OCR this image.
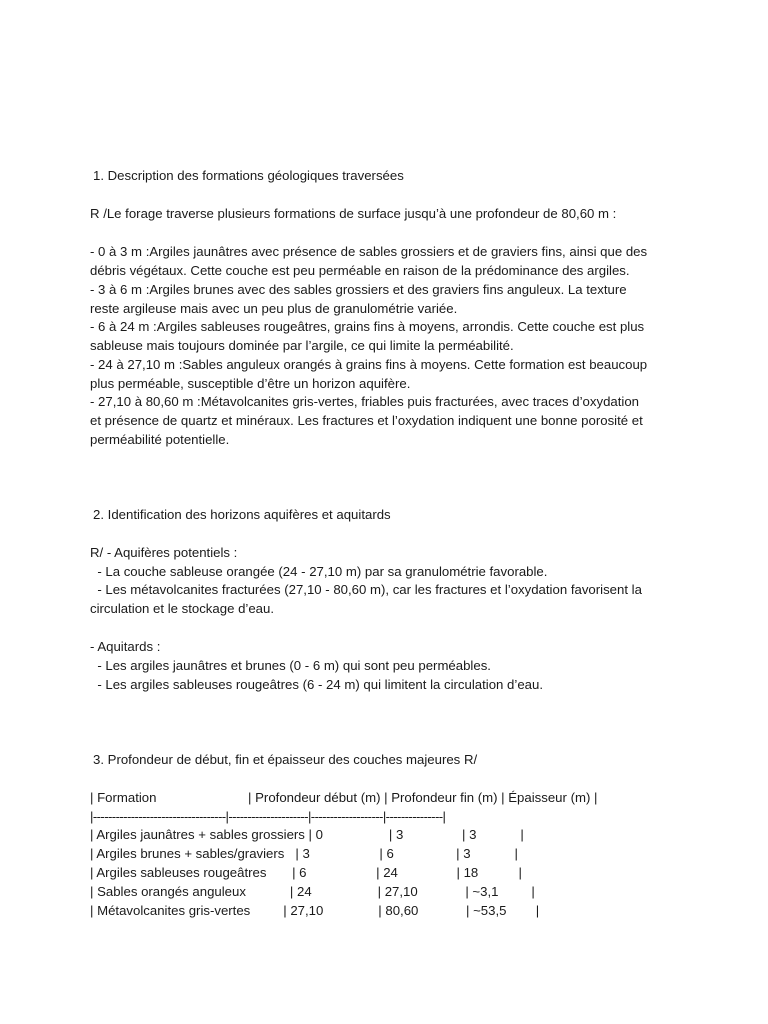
1. Description des formations géologiques traversées
R /Le forage traverse plusieurs formations de surface jusqu’à une profondeur de 80,60 m :
- 0 à 3 m :Argiles jaunâtres avec présence de sables grossiers et de graviers fins, ainsi que des
débris végétaux. Cette couche est peu perméable en raison de la prédominance des argiles.
- 3 à 6 m :Argiles brunes avec des sables grossiers et des graviers fins anguleux. La texture
reste argileuse mais avec un peu plus de granulométrie variée.
- 6 à 24 m :Argiles sableuses rougeâtres, grains fins à moyens, arrondis. Cette couche est plus
sableuse mais toujours dominée par l’argile, ce qui limite la perméabilité.
- 24 à 27,10 m :Sables anguleux orangés à grains fins à moyens. Cette formation est beaucoup
plus perméable, susceptible d’être un horizon aquifère.
- 27,10 à 80,60 m :Métavolcanites gris-vertes, friables puis fracturées, avec traces d’oxydation
et présence de quartz et minéraux. Les fractures et l’oxydation indiquent une bonne porosité et
perméabilité potentielle.
2. Identification des horizons aquifères et aquitards
R/ - Aquifères potentiels :
- La couche sableuse orangée (24 - 27,10 m) par sa granulométrie favorable.
- Les métavolcanites fracturées (27,10 - 80,60 m), car les fractures et l’oxydation favorisent la
circulation et le stockage d’eau.
- Aquitards :
- Les argiles jaunâtres et brunes (0 - 6 m) qui sont peu perméables.
- Les argiles sableuses rougeâtres (6 - 24 m) qui limitent la circulation d’eau.
3. Profondeur de début, fin et épaisseur des couches majeures R/
| Formation                         | Profondeur début (m) | Profondeur fin (m) | Épaisseur (m) |
|-----------------------------------|---------------------|-------------------|---------------|
| Argiles jaunâtres + sables grossiers | 0                  | 3                | 3            |
| Argiles brunes + sables/graviers   | 3                   | 6                 | 3            |
| Argiles sableuses rougeâtres       | 6                   | 24                | 18           |
| Sables orangés anguleux            | 24                  | 27,10             | ~3,1         |
| Métavolcanites gris-vertes         | 27,10               | 80,60             | ~53,5        |
